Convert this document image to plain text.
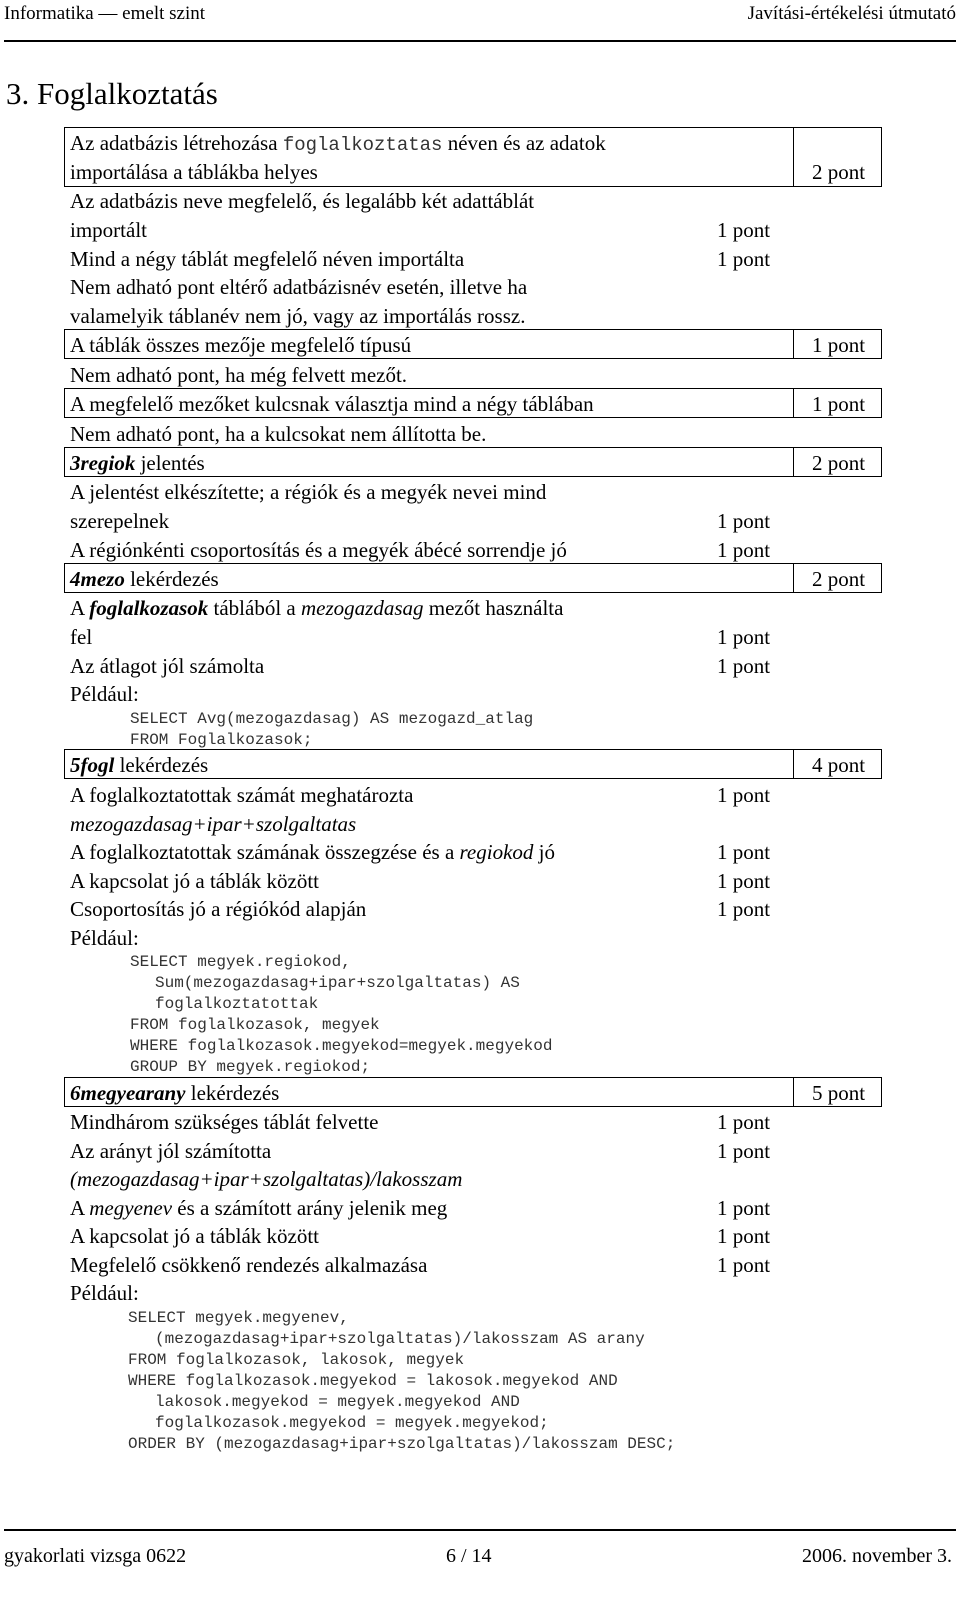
Informatika — emelt szint	Javítási-értékelési útmutató
3. Foglalkoztatás
Az adatbázis létrehozása foglalkoztatas néven és az adatok
importálása a táblákba helyes	2 pont
Az adatbázis neve megfelelő, és legalább két adattáblát
importált	1 pont
Mind a négy táblát megfelelő néven importálta	1 pont
Nem adható pont eltérő adatbázisnév esetén, illetve ha
valamelyik táblanév nem jó, vagy az importálás rossz.
A táblák összes mezője megfelelő típusú	1 pont
Nem adható pont, ha még felvett mezőt.
A megfelelő mezőket kulcsnak választja mind a négy táblában	1 pont
Nem adható pont, ha a kulcsokat nem állította be.
3regiok jelentés	2 pont
A jelentést elkészítette; a régiók és a megyék nevei mind
szerepelnek	1 pont
A régiónkénti csoportosítás és a megyék ábécé sorrendje jó	1 pont
4mezo lekérdezés	2 pont
A foglalkozasok táblából a mezogazdasag mezőt használta
fel	1 pont
Az átlagot jól számolta	1 pont
Például:
SELECT Avg(mezogazdasag) AS mezogazd_atlag
FROM Foglalkozasok;
5fogl lekérdezés	4 pont
A foglalkoztatottak számát meghatározta	1 pont
mezogazdasag+ipar+szolgaltatas
A foglalkoztatottak számának összegzése és a regiokod jó	1 pont
A kapcsolat jó a táblák között	1 pont
Csoportosítás jó a régiókód alapján	1 pont
Például:
SELECT megyek.regiokod,
Sum(mezogazdasag+ipar+szolgaltatas) AS
foglalkoztatottak
FROM foglalkozasok, megyek
WHERE foglalkozasok.megyekod=megyek.megyekod
GROUP BY megyek.regiokod;
6megyearany lekérdezés	5 pont
Mindhárom szükséges táblát felvette	1 pont
Az arányt jól számította	1 pont
(mezogazdasag+ipar+szolgaltatas)/lakosszam
A megyenev és a számított arány jelenik meg	1 pont
A kapcsolat jó a táblák között	1 pont
Megfelelő csökkenő rendezés alkalmazása	1 pont
Például:
SELECT megyek.megyenev,
(mezogazdasag+ipar+szolgaltatas)/lakosszam AS arany
FROM foglalkozasok, lakosok, megyek
WHERE foglalkozasok.megyekod = lakosok.megyekod AND
lakosok.megyekod = megyek.megyekod AND
foglalkozasok.megyekod = megyek.megyekod;
ORDER BY (mezogazdasag+ipar+szolgaltatas)/lakosszam DESC;
gyakorlati vizsga 0622	6 / 14	2006. november 3.
